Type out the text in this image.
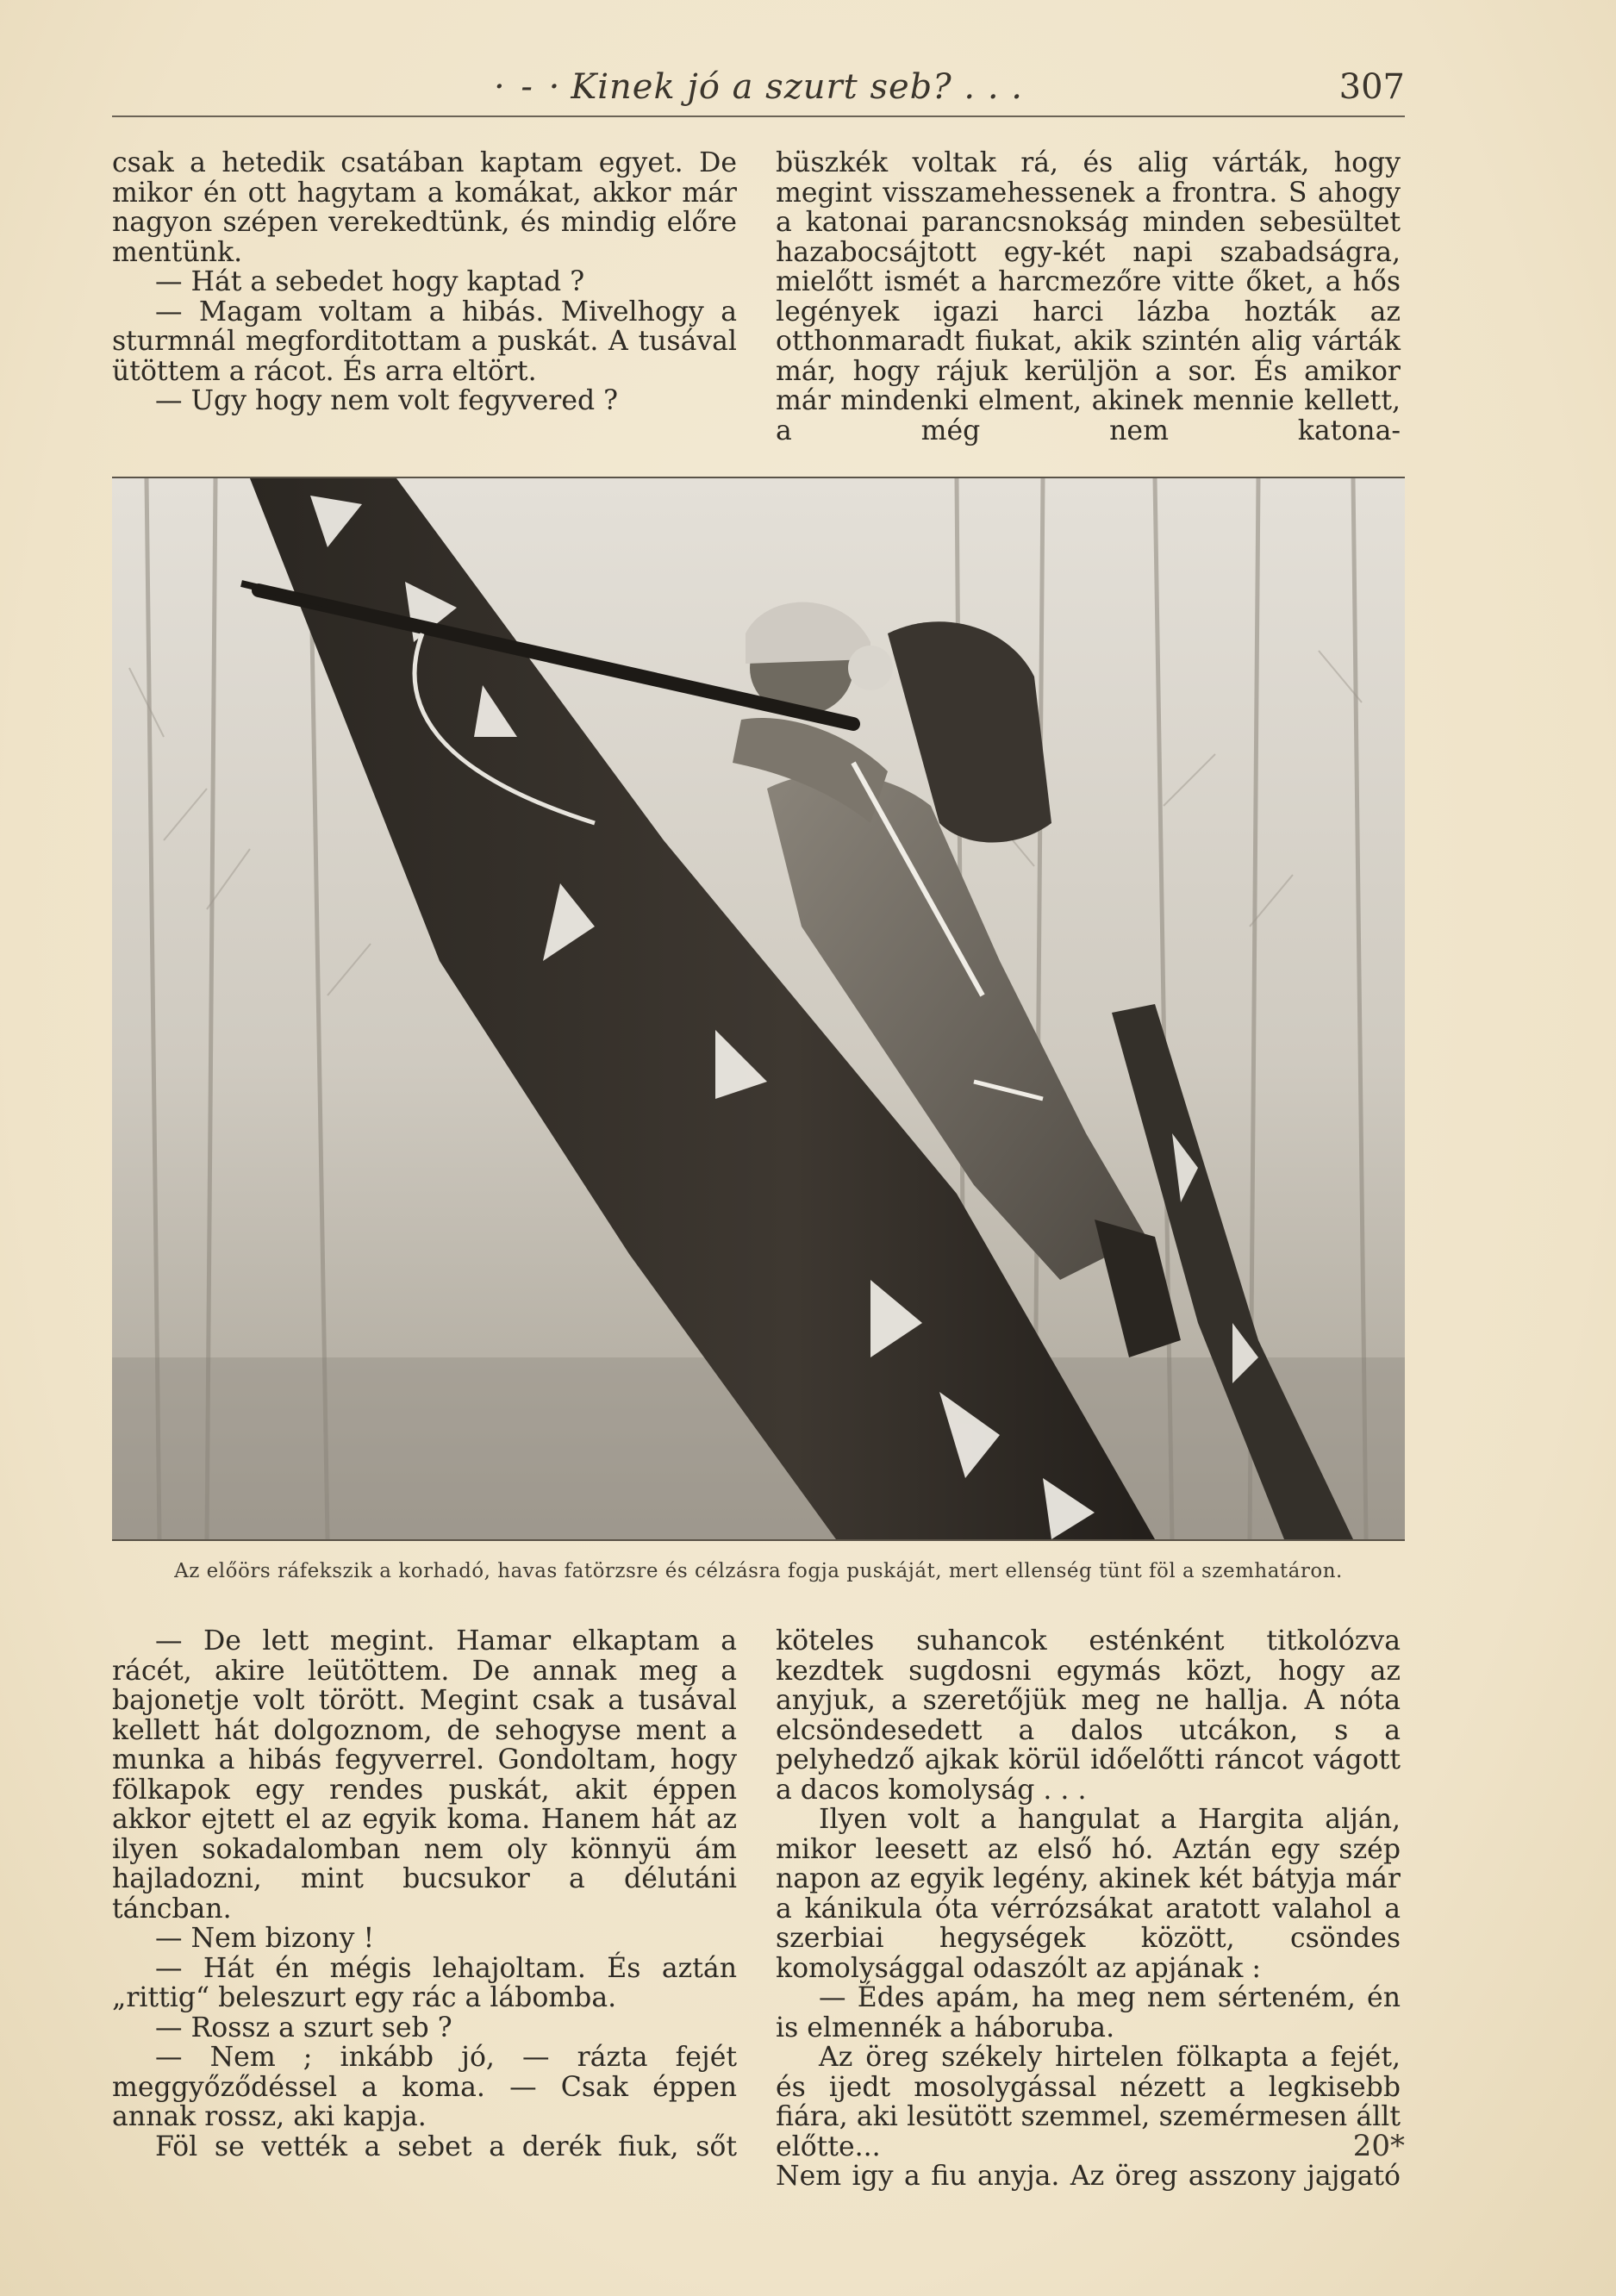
· - · Kinek jó a szurt seb? . . .	307

csak a hetedik csatában kaptam egyet. De mikor én ott hagytam a komákat, akkor már nagyon szépen verekedtünk, és mindig előre mentünk.

— Hát a sebedet hogy kaptad ?

— Magam voltam a hibás. Mivelhogy a sturmnál megforditottam a puskát. A tusával ütöttem a rácot. És arra eltört.

— Ugy hogy nem volt fegyvered ?

büszkék voltak rá, és alig várták, hogy megint visszamehessenek a frontra. S ahogy a katonai parancsnokság minden sebesültet hazabocsájtott egy-két napi szabadságra, mielőtt ismét a harcmezőre vitte őket, a hős legények igazi harci lázba hozták az otthonmaradt fiukat, akik szintén alig várták már, hogy rájuk kerüljön a sor. És amikor már mindenki elment, akinek mennie kellett, a még nem katona-

Az előörs ráfekszik a korhadó, havas fatörzsre és célzásra fogja puskáját, mert ellenség tünt föl a szemhatáron.

— De lett megint. Hamar elkaptam a rácét, akire leütöttem. De annak meg a bajonetje volt törött. Megint csak a tusával kellett hát dolgoznom, de sehogyse ment a munka a hibás fegyverrel. Gondoltam, hogy fölkapok egy rendes puskát, akit éppen akkor ejtett el az egyik koma. Hanem hát az ilyen sokadalomban nem oly könnyü ám hajladozni, mint bucsukor a délutáni táncban.

— Nem bizony !

— Hát én mégis lehajoltam. És aztán „rittig“ beleszurt egy rác a lábomba.

— Rossz a szurt seb ?

— Nem ; inkább jó, — rázta fejét meggyőződéssel a koma. — Csak éppen annak rossz, aki kapja.

Föl se vették a sebet a derék fiuk, sőt

köteles suhancok esténként titkolózva kezdtek sugdosni egymás közt, hogy az anyjuk, a szeretőjük meg ne hallja. A nóta elcsöndesedett a dalos utcákon, s a pelyhedző ajkak körül időelőtti ráncot vágott a dacos komolyság . . .

Ilyen volt a hangulat a Hargita alján, mikor leesett az első hó. Aztán egy szép napon az egyik legény, akinek két bátyja már a kánikula óta vérrózsákat aratott valahol a szerbiai hegységek között, csöndes komolysággal odaszólt az apjának :

— Édes apám, ha meg nem sérteném, én is elmennék a háboruba.

Az öreg székely hirtelen fölkapta a fejét, és ijedt mosolygással nézett a legkisebb fiára, aki lesütött szemmel, szemérmesen állt előtte...

Nem igy a fiu anyja. Az öreg asszony jajgató

20*
